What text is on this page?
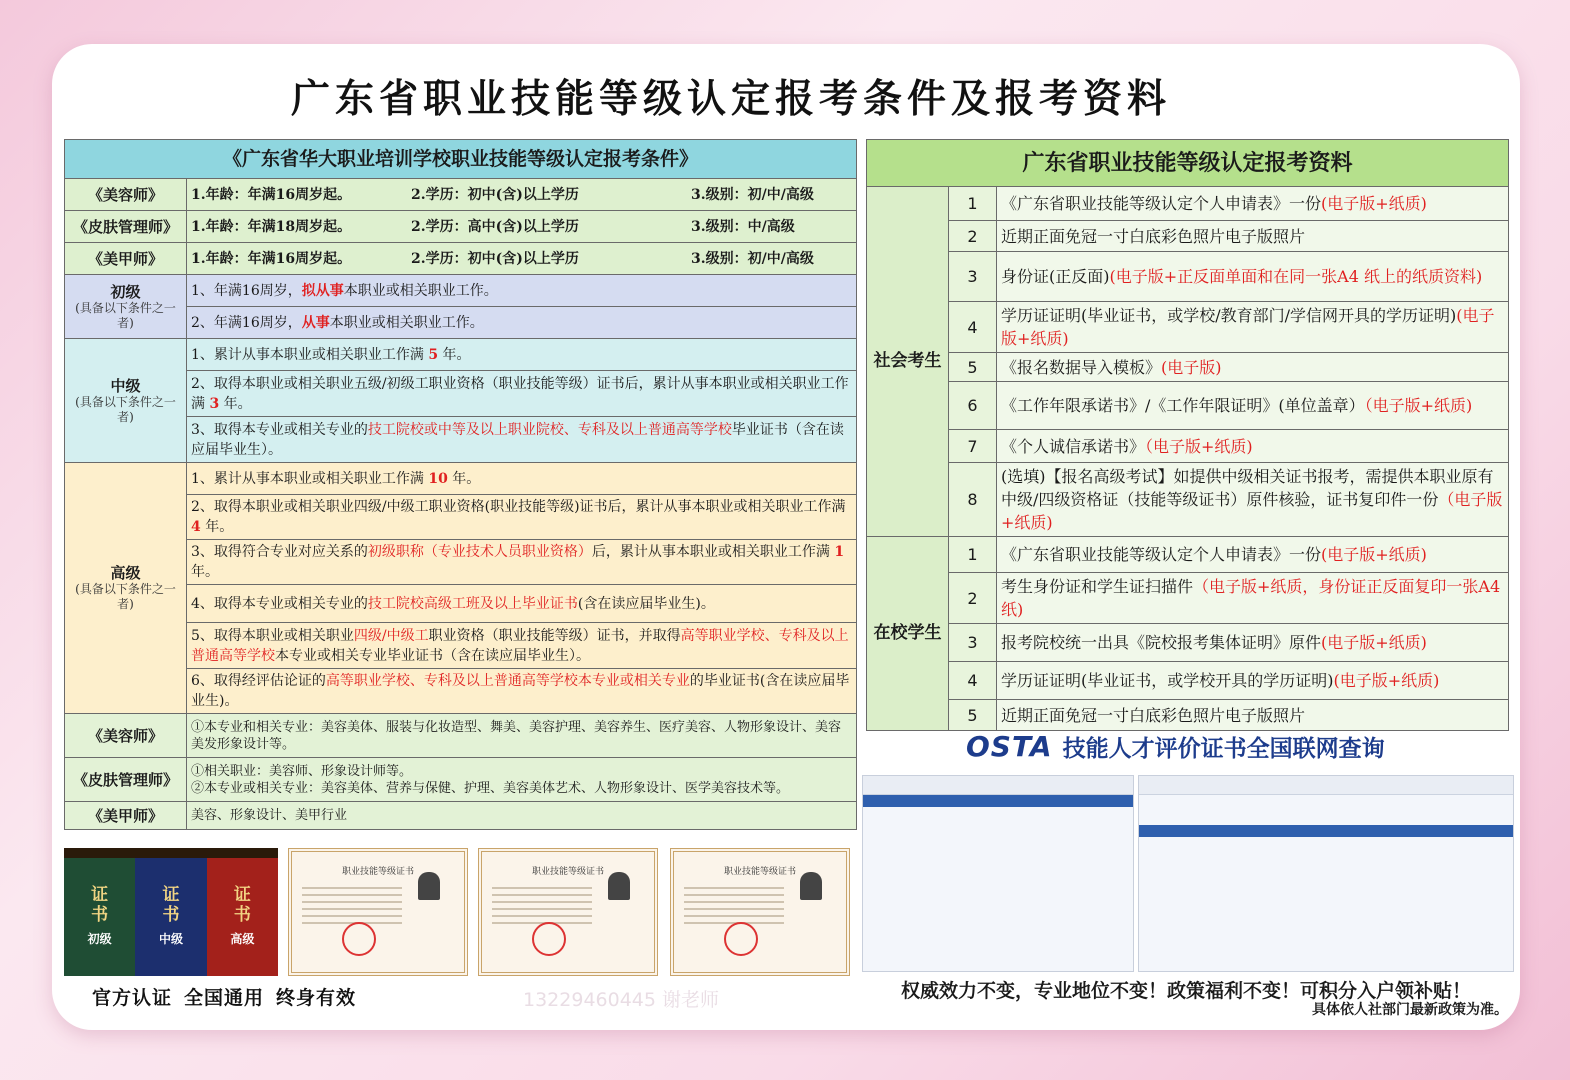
广东省职业技能等级认定报考条件及报考资料
《广东省华大职业培训学校职业技能等级认定报考条件》	
《美容师》	1.年龄：年满16周岁起。 2.学历：初中(含)以上学历 3.级别：初/中/高级
《皮肤管理师》	1.年龄：年满18周岁起。 2.学历：高中(含)以上学历 3.级别：中/高级
《美甲师》	1.年龄：年满16周岁起。 2.学历：初中(含)以上学历 3.级别：初/中/高级
初级
(具备以下条件之一者)	1、年满16周岁，拟从事本职业或相关职业工作。
	2、年满16周岁，从事本职业或相关职业工作。
中级
(具备以下条件之一者)	1、累计从事本职业或相关职业工作满 5 年。
	2、取得本职业或相关职业五级/初级工职业资格（职业技能等级）证书后，累计从事本职业或相关职业工作满 3 年。
	3、取得本专业或相关专业的技工院校或中等及以上职业院校、专科及以上普通高等学校毕业证书（含在读应届毕业生）。
高级
(具备以下条件之一者)	1、累计从事本职业或相关职业工作满 10 年。
	2、取得本职业或相关职业四级/中级工职业资格(职业技能等级)证书后，累计从事本职业或相关职业工作满 4 年。
	3、取得符合专业对应关系的初级职称（专业技术人员职业资格）后，累计从事本职业或相关职业工作满 1 年。
	4、取得本专业或相关专业的技工院校高级工班及以上毕业证书(含在读应届毕业生)。
	5、取得本职业或相关职业四级/中级工职业资格（职业技能等级）证书，并取得高等职业学校、专科及以上普通高等学校本专业或相关专业毕业证书（含在读应届毕业生）。
	6、取得经评估论证的高等职业学校、专科及以上普通高等学校本专业或相关专业的毕业证书(含在读应届毕业生)。
《美容师》	①本专业和相关专业：美容美体、服装与化妆造型、舞美、美容护理、美容养生、医疗美容、人物形象设计、美容美发形象设计等。
《皮肤管理师》	①相关职业：美容师、形象设计师等。
②本专业或相关专业：美容美体、营养与保健、护理、美容美体艺术、人物形象设计、医学美容技术等。
《美甲师》	美容、形象设计、美甲行业
广东省职业技能等级认定报考资料		
社会考生	1	《广东省职业技能等级认定个人申请表》一份(电子版+纸质)
	2	近期正面免冠一寸白底彩色照片电子版照片
	3	身份证(正反面)(电子版+正反面单面和在同一张A4 纸上的纸质资料)
	4	学历证证明(毕业证书，或学校/教育部门/学信网开具的学历证明)(电子版+纸质)
	5	《报名数据导入模板》(电子版)
	6	《工作年限承诺书》/《工作年限证明》(单位盖章）（电子版+纸质)
	7	《个人诚信承诺书》（电子版+纸质)
	8	(选填)【报名高级考试】如提供中级相关证书报考，需提供本职业原有中级/四级资格证（技能等级证书）原件核验，证书复印件一份（电子版+纸质)
在校学生	1	《广东省职业技能等级认定个人申请表》一份(电子版+纸质)
	2	考生身份证和学生证扫描件（电子版+纸质，身份证正反面复印一张A4 纸)
	3	报考院校统一出具《院校报考集体证明》原件(电子版+纸质)
	4	学历证证明(毕业证书，或学校开具的学历证明)(电子版+纸质)
	5	近期正面免冠一寸白底彩色照片电子版照片
OSTA 技能人才评价证书全国联网查询
证
书
初级
证
书
中级
证
书
高级
职业技能等级证书	职业技能等级证书	职业技能等级证书
官方认证 全国通用 终身有效	13229460445 谢老师	权威效力不变，专业地位不变！政策福利不变！可积分入户领补贴！
具体依人社部门最新政策为准。
